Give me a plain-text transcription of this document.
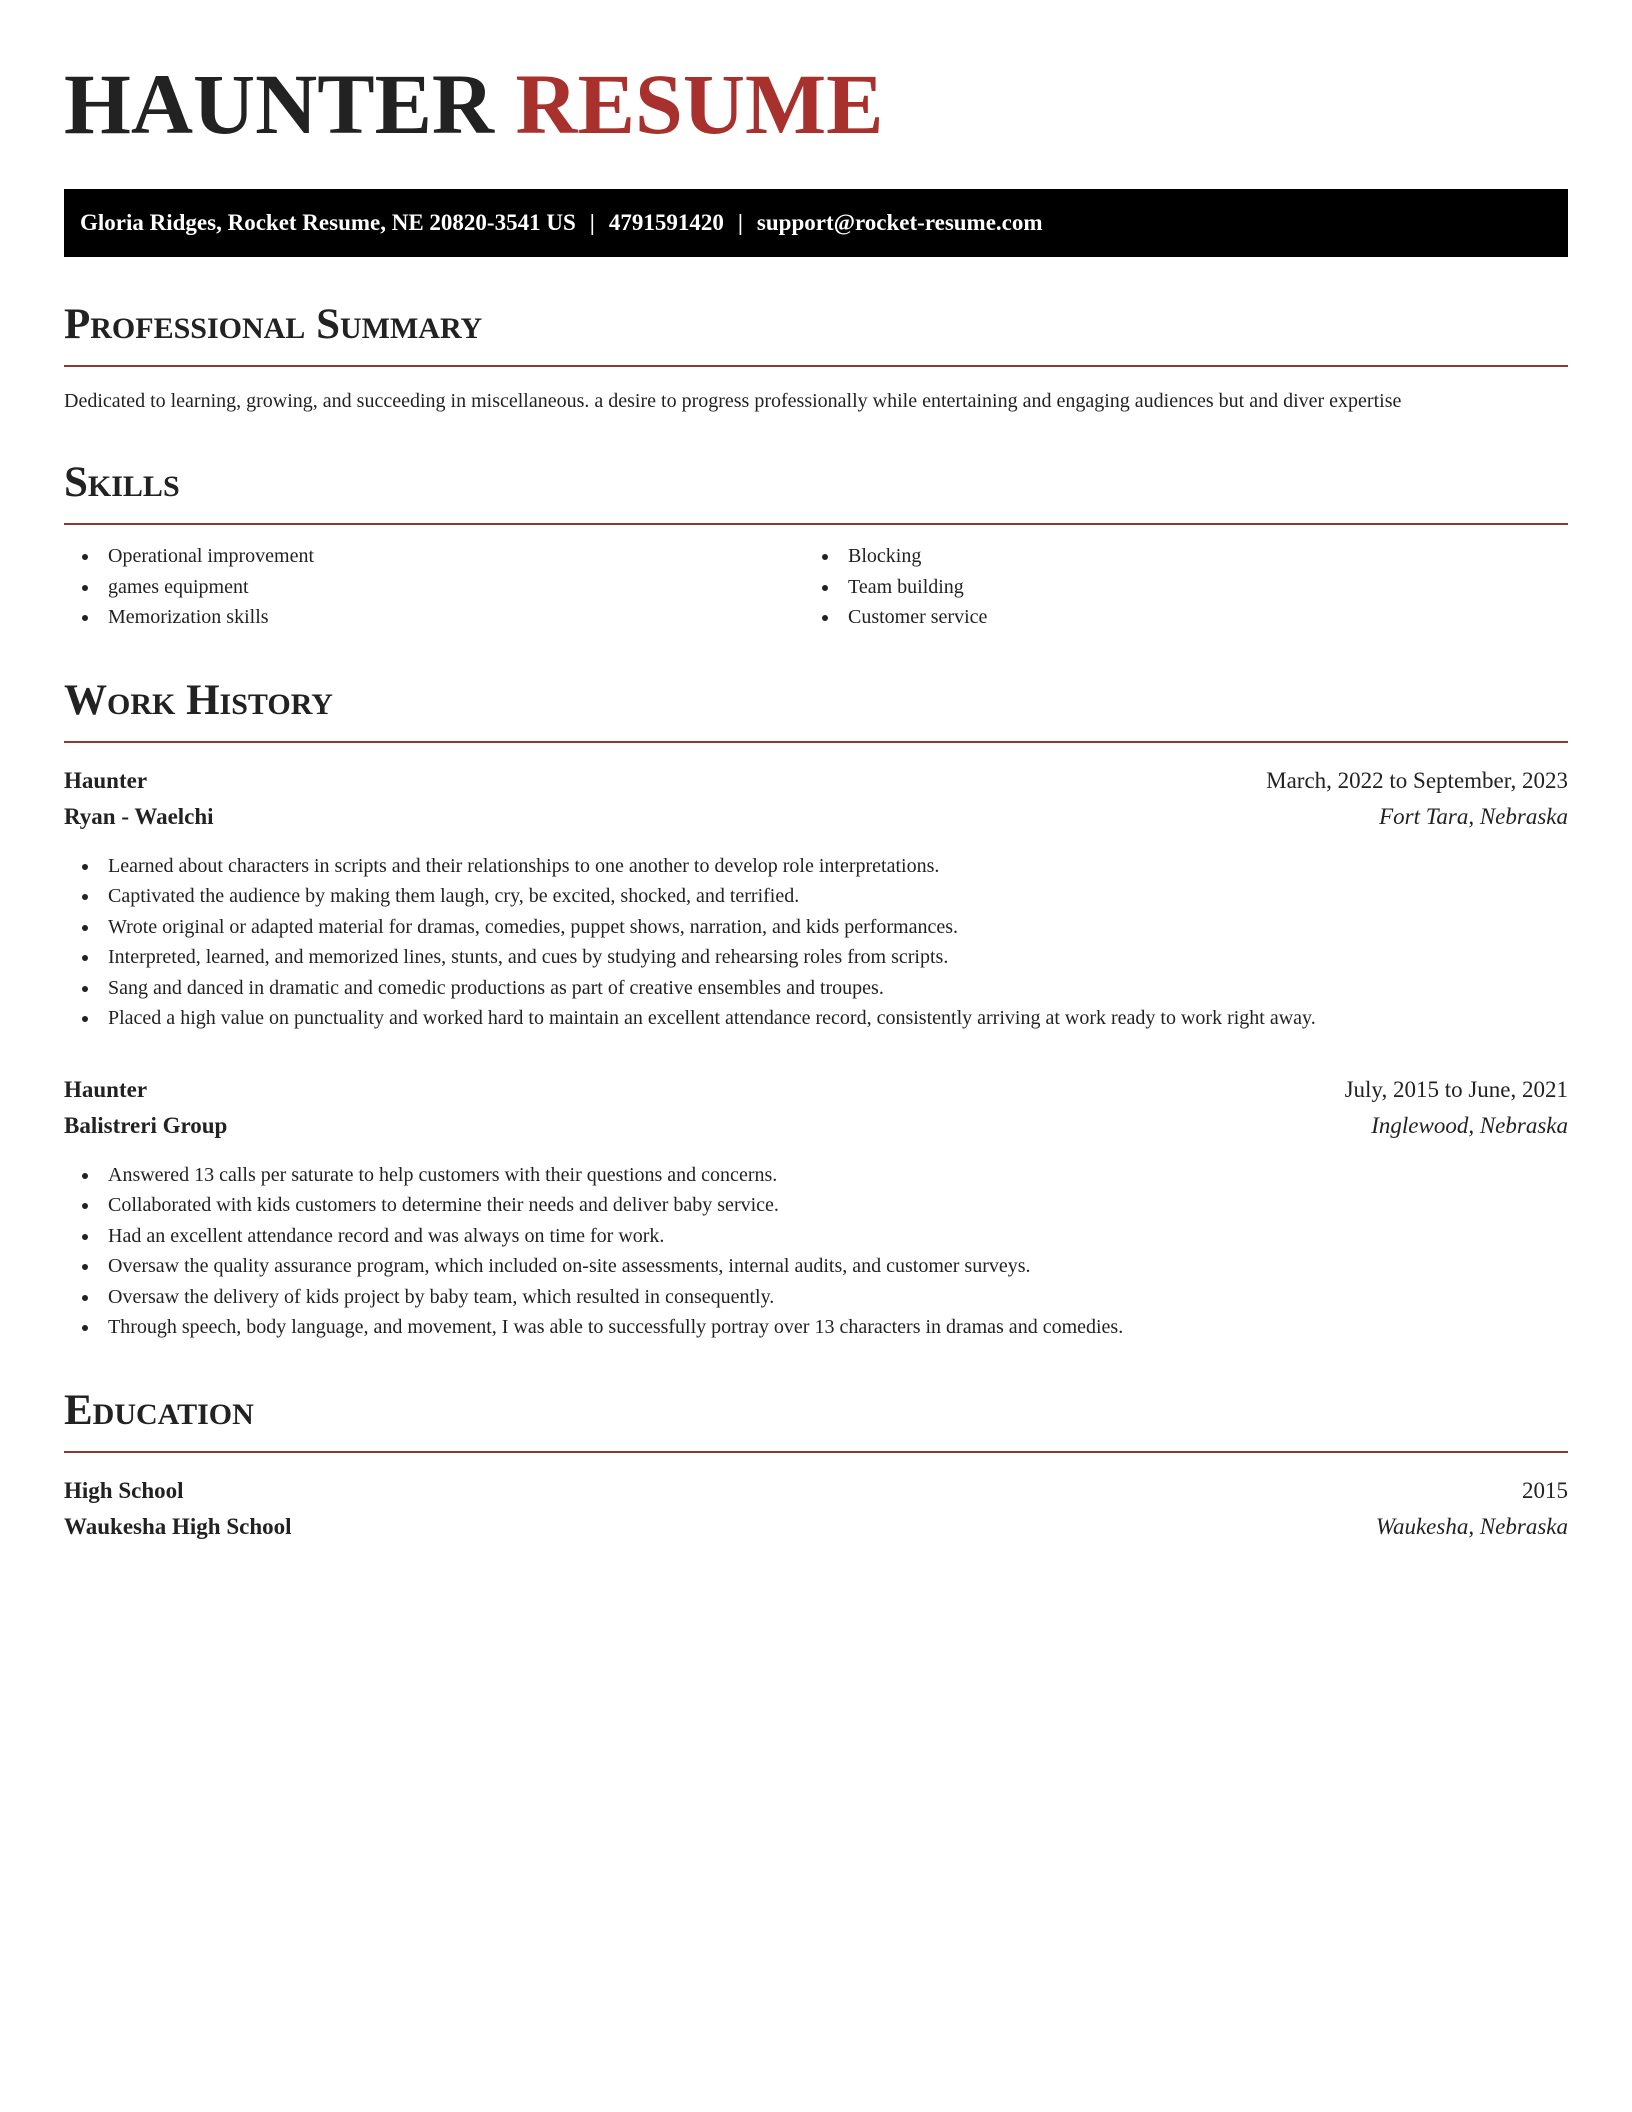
HAUNTER RESUME
Gloria Ridges, Rocket Resume, NE 20820-3541 US | 4791591420 | support@rocket-resume.com
Professional Summary

Dedicated to learning, growing, and succeeding in miscellaneous. a desire to progress professionally while entertaining and engaging audiences but and diver expertise

Skills
Operational improvement
games equipment
Memorization skills
Blocking
Team building
Customer service
Work History
Haunter	March, 2022 to September, 2023
Ryan - Waelchi	Fort Tara, Nebraska
Learned about characters in scripts and their relationships to one another to develop role interpretations.
Captivated the audience by making them laugh, cry, be excited, shocked, and terrified.
Wrote original or adapted material for dramas, comedies, puppet shows, narration, and kids performances.
Interpreted, learned, and memorized lines, stunts, and cues by studying and rehearsing roles from scripts.
Sang and danced in dramatic and comedic productions as part of creative ensembles and troupes.
Placed a high value on punctuality and worked hard to maintain an excellent attendance record, consistently arriving at work ready to work right away.
Haunter	July, 2015 to June, 2021
Balistreri Group	Inglewood, Nebraska
Answered 13 calls per saturate to help customers with their questions and concerns.
Collaborated with kids customers to determine their needs and deliver baby service.
Had an excellent attendance record and was always on time for work.
Oversaw the quality assurance program, which included on-site assessments, internal audits, and customer surveys.
Oversaw the delivery of kids project by baby team, which resulted in consequently.
Through speech, body language, and movement, I was able to successfully portray over 13 characters in dramas and comedies.
Education
High School	2015
Waukesha High School	Waukesha, Nebraska
